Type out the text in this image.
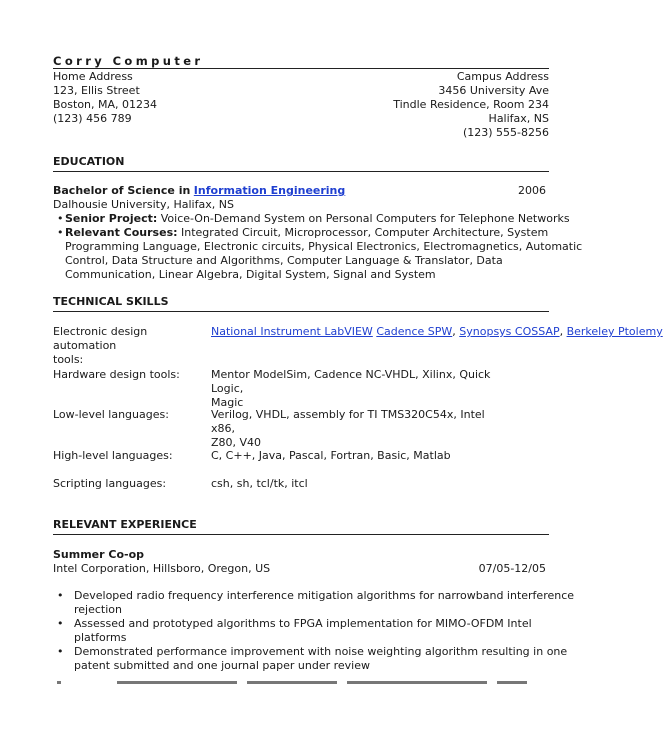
Corry Computer
Home Address
123, Ellis Street
Boston, MA, 01234
(123) 456 789
Campus Address
3456 University Ave
Tindle Residence, Room 234
Halifax, NS
(123) 555-8256
EDUCATION
Bachelor of Science in Information Engineering	2006
Dalhousie University, Halifax, NS
• Senior Project: Voice-On-Demand System on Personal Computers for Telephone Networks
• Relevant Courses: Integrated Circuit, Microprocessor, Computer Architecture, System
Programming Language, Electronic circuits, Physical Electronics, Electromagnetics, Automatic
Control, Data Structure and Algorithms, Computer Language & Translator, Data
Communication, Linear Algebra, Digital System, Signal and System
TECHNICAL SKILLS
Electronic design automation
tools:
National Instrument LabVIEW Cadence SPW, Synopsys COSSAP, Berkeley Ptolemy
Hardware design tools:	Mentor ModelSim, Cadence NC-VHDL, Xilinx, Quick Logic,
Magic
Low-level languages:	Verilog, VHDL, assembly for TI TMS320C54x, Intel x86,
Z80, V40
High-level languages:	C, C++, Java, Pascal, Fortran, Basic, Matlab
Scripting languages:	csh, sh, tcl/tk, itcl
RELEVANT EXPERIENCE
Summer Co-op
Intel Corporation, Hillsboro, Oregon, US	07/05-12/05
• Developed radio frequency interference mitigation algorithms for narrowband interference
rejection
• Assessed and prototyped algorithms to FPGA implementation for MIMO-OFDM Intel
platforms
• Demonstrated performance improvement with noise weighting algorithm resulting in one
patent submitted and one journal paper under review
